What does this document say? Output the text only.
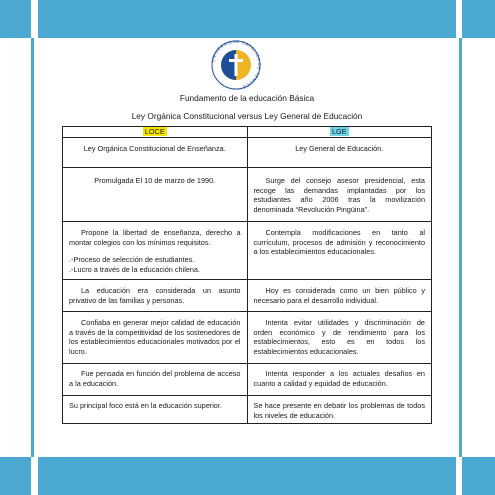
UNIVERSIDAD CATOLICA DE TEMUCO
Fundamento de la educación Básica
Ley Orgánica Constitucional versus Ley General de Educación
LOCE	LGE

Ley Orgánica Constitucional de Enseñanza.	Ley General de Educación.

Promulgada El 10 de marzo de 1990.	Surge del consejo asesor presidencial, esta recoge las demandas implantadas por los estudiantes año 2006 tras la movilización denominada “Revolución Pingüina”.

Propone la libertad de enseñanza, derecho a montar colegios con los mínimos requisitos.

.-Proceso de selección de estudiantes.

.-Lucro a través de la educación chilena.	Contempla modificaciones en tanto al currículum, procesos de admisión y reconocimiento a los establecimientos educacionales.

La educación era considerada un asunto privativo de las familias y personas.	Hoy es considerada como un bien público y necesario para el desarrollo individual.

Confiaba en generar mejor calidad de educación a través de la competitividad de los sostenedores de los establecimientos educacionales motivados por el lucro.	Intenta evitar utilidades y discriminación de orden económico y de rendimiento para los establecimientos, esto es en todos los establecimientos educacionales.

Fue pensada en función del problema de acceso a la educación.	Intenta responder a los actuales desafíos en cuanto a calidad y equidad de educación.

Su principal foco está en la educación superior.	Se hace presente en debatir los problemas de todos los niveles de educación.
